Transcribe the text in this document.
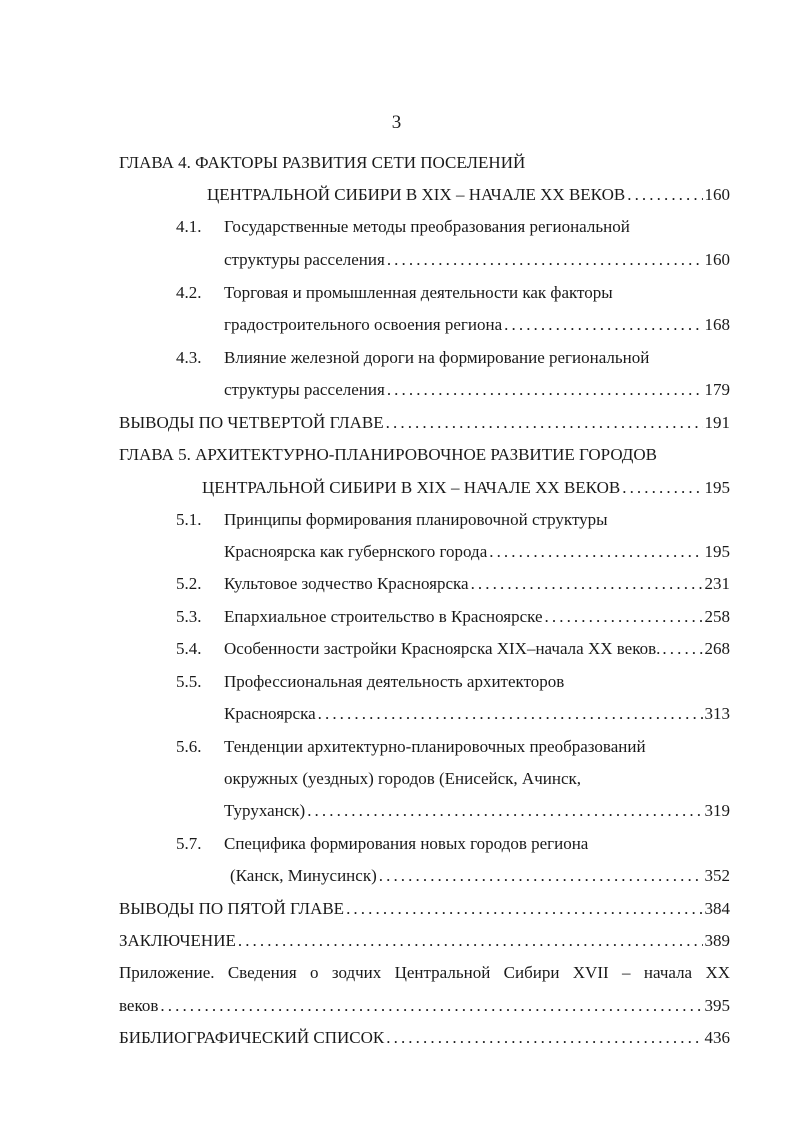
3
ГЛАВА 4. ФАКТОРЫ РАЗВИТИЯ СЕТИ ПОСЕЛЕНИЙ
ЦЕНТРАЛЬНОЙ СИБИРИ В XIX – НАЧАЛЕ XX ВЕКОВ .....	160
4.1. Государственные методы преобразования региональной
структуры расселения .....	160
4.2. Торговая и промышленная деятельности как факторы
градостроительного освоения региона .....	168
4.3. Влияние железной дороги на формирование региональной
структуры расселения .....	179
ВЫВОДЫ ПО ЧЕТВЕРТОЙ ГЛАВЕ .....	191
ГЛАВА 5. АРХИТЕКТУРНО-ПЛАНИРОВОЧНОЕ РАЗВИТИЕ ГОРОДОВ
ЦЕНТРАЛЬНОЙ СИБИРИ В XIX – НАЧАЛЕ XX ВЕКОВ .....	195
5.1. Принципы формирования планировочной структуры
Красноярска как губернского города .....	195
5.2. Культовое зодчество Красноярска .....	231
5.3. Епархиальное строительство в Красноярске .....	258
5.4. Особенности застройки Красноярска XIX–начала XX веков. .....	268
5.5. Профессиональная деятельность архитекторов
Красноярска .....	313
5.6. Тенденции архитектурно-планировочных преобразований
окружных (уездных) городов (Енисейск, Ачинск,
Туруханск) .....	319
5.7. Специфика формирования новых городов региона
(Канск, Минусинск) .....	352
ВЫВОДЫ ПО ПЯТОЙ ГЛАВЕ .....	384
ЗАКЛЮЧЕНИЕ .....	389
Приложение. Сведения о зодчих Центральной Сибири XVII – начала XX
веков .....	395
БИБЛИОГРАФИЧЕСКИЙ СПИСОК .....	436
